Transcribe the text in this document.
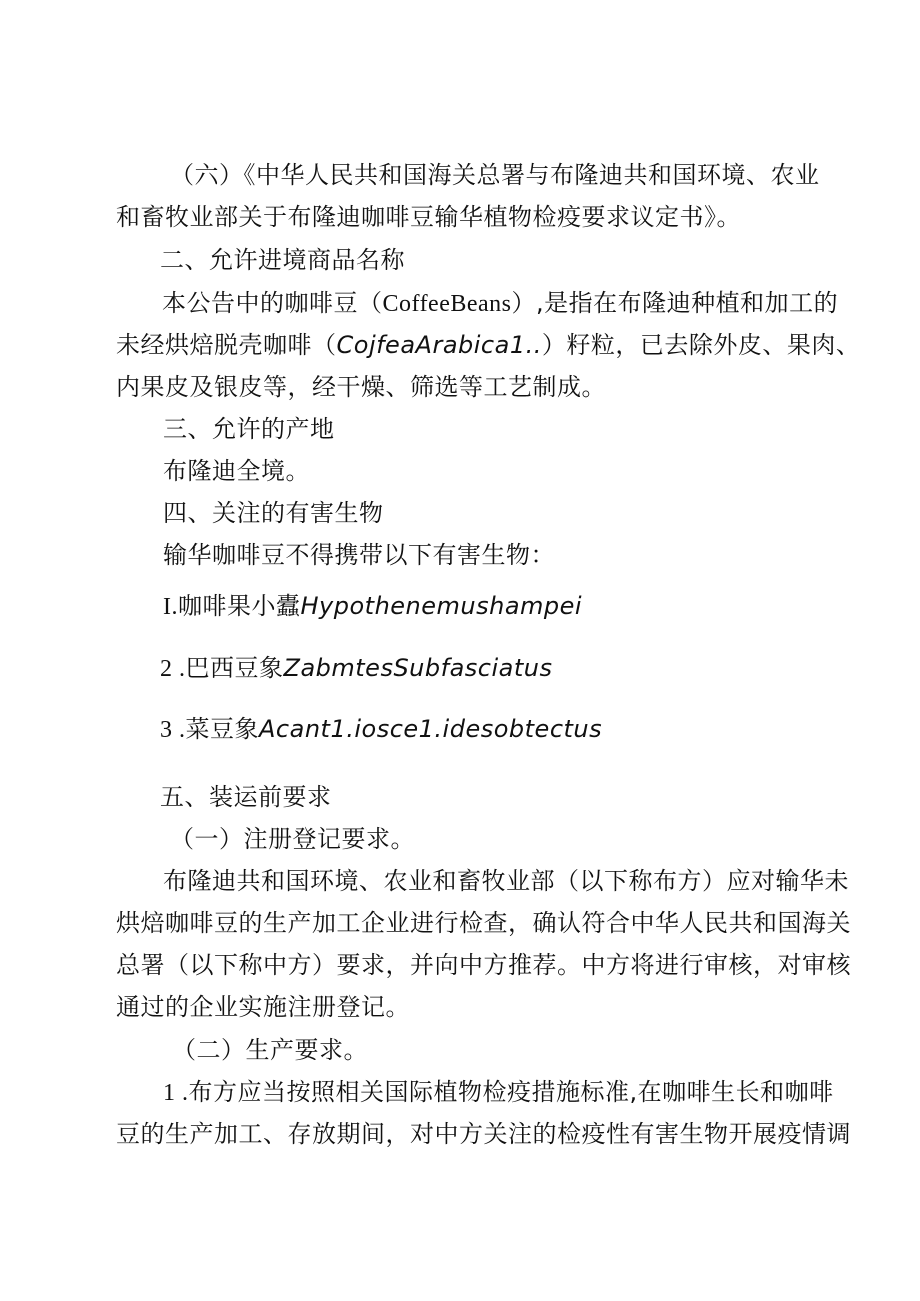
（六）《中华人民共和国海关总署与布隆迪共和国环境、农业
和畜牧业部关于布隆迪咖啡豆输华植物检疫要求议定书》。
二、允许进境商品名称
本公告中的咖啡豆（CoffeeBeans）,是指在布隆迪种植和加工的
未经烘焙脱壳咖啡（CojfeaArabica1..）籽粒，已去除外皮、果肉、
内果皮及银皮等，经干燥、筛选等工艺制成。
三、允许的产地
布隆迪全境。
四、关注的有害生物
输华咖啡豆不得携带以下有害生物：
I.咖啡果小蠹Hypothenemushampei
2 .巴西豆象ZabmtesSubfasciatus
3 .菜豆象Acant1.iosce1.idesobtectus
五、装运前要求
（一）注册登记要求。
布隆迪共和国环境、农业和畜牧业部（以下称布方）应对输华未
烘焙咖啡豆的生产加工企业进行检查，确认符合中华人民共和国海关
总署（以下称中方）要求，并向中方推荐。中方将进行审核，对审核
通过的企业实施注册登记。
（二）生产要求。
1 .布方应当按照相关国际植物检疫措施标准,在咖啡生长和咖啡
豆的生产加工、存放期间，对中方关注的检疫性有害生物开展疫情调
